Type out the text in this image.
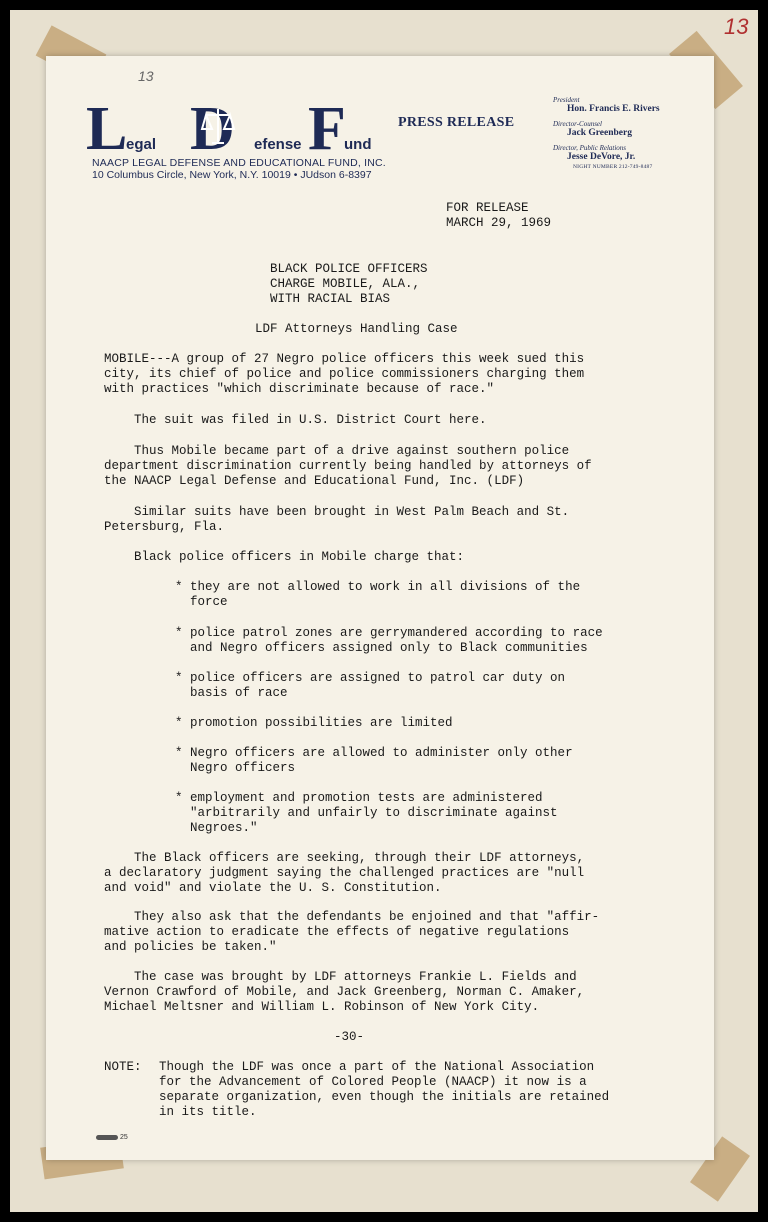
13
13
L
egal D efense F
und
NAACP LEGAL DEFENSE AND EDUCATIONAL FUND, INC.
10 Columbus Circle, New York, N.Y. 10019 • JUdson 6-8397
PRESS RELEASE
President
Hon. Francis E. Rivers
Director-Counsel
Jack Greenberg
Director, Public Relations
Jesse DeVore, Jr.
NIGHT NUMBER 212-749-8487
FOR RELEASE
MARCH 29, 1969
BLACK POLICE OFFICERS
CHARGE MOBILE, ALA.,
WITH RACIAL BIAS
LDF Attorneys Handling Case
MOBILE---A group of 27 Negro police officers this week sued this
city, its chief of police and police commissioners charging them
with practices "which discriminate because of race."
The suit was filed in U.S. District Court here.
Thus Mobile became part of a drive against southern police
department discrimination currently being handled by attorneys of
the NAACP Legal Defense and Educational Fund, Inc. (LDF)
Similar suits have been brought in West Palm Beach and St.
Petersburg, Fla.
Black police officers in Mobile charge that:
* they are not allowed to work in all divisions of the
force
* police patrol zones are gerrymandered according to race
and Negro officers assigned only to Black communities
* police officers are assigned to patrol car duty on
basis of race
* promotion possibilities are limited
* Negro officers are allowed to administer only other
Negro officers
* employment and promotion tests are administered
"arbitrarily and unfairly to discriminate against
Negroes."
The Black officers are seeking, through their LDF attorneys,
a declaratory judgment saying the challenged practices are "null
and void" and violate the U. S. Constitution.
They also ask that the defendants be enjoined and that "affir-
mative action to eradicate the effects of negative regulations
and policies be taken."
The case was brought by LDF attorneys Frankie L. Fields and
Vernon Crawford of Mobile, and Jack Greenberg, Norman C. Amaker,
Michael Meltsner and William L. Robinson of New York City.
-30-
NOTE: Though the LDF was once a part of the National Association
for the Advancement of Colored People (NAACP) it now is a
separate organization, even though the initials are retained
in its title.
25
